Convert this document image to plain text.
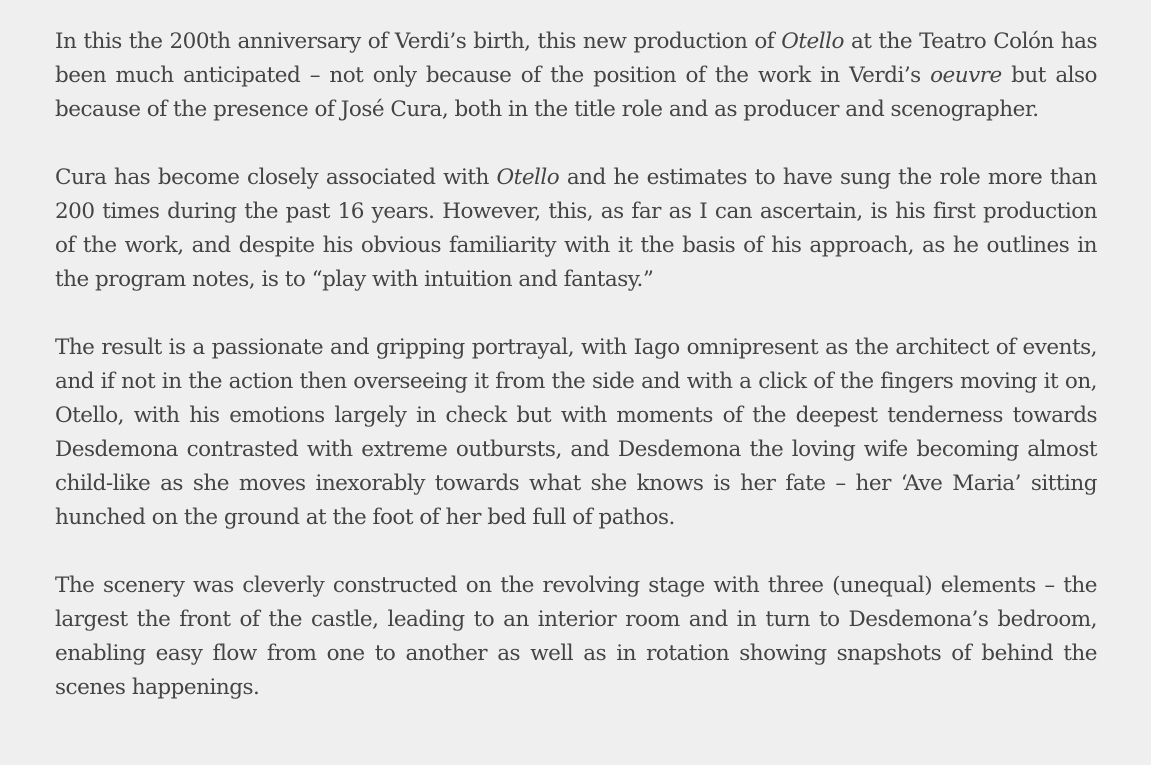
In this the 200th anniversary of Verdi’s birth, this new production of Otello at the Teatro Colón has been much anticipated – not only because of the position of the work in Verdi’s oeuvre but also because of the presence of José Cura, both in the title role and as producer and scenographer.

Cura has become closely associated with Otello and he estimates to have sung the role more than 200 times during the past 16 years. However, this, as far as I can ascertain, is his first production of the work, and despite his obvious familiarity with it the basis of his approach, as he outlines in the program notes, is to “play with intuition and fantasy.”

The result is a passionate and gripping portrayal, with Iago omnipresent as the architect of events, and if not in the action then overseeing it from the side and with a click of the fingers moving it on, Otello, with his emotions largely in check but with moments of the deepest tenderness towards Desdemona contrasted with extreme outbursts, and Desdemona the loving wife becoming almost child-like as she moves inexorably towards what she knows is her fate – her ‘Ave Maria’ sitting hunched on the ground at the foot of her bed full of pathos.

The scenery was cleverly constructed on the revolving stage with three (unequal) elements – the largest the front of the castle, leading to an interior room and in turn to Desdemona’s bedroom, enabling easy flow from one to another as well as in rotation showing snapshots of behind the scenes happenings.
